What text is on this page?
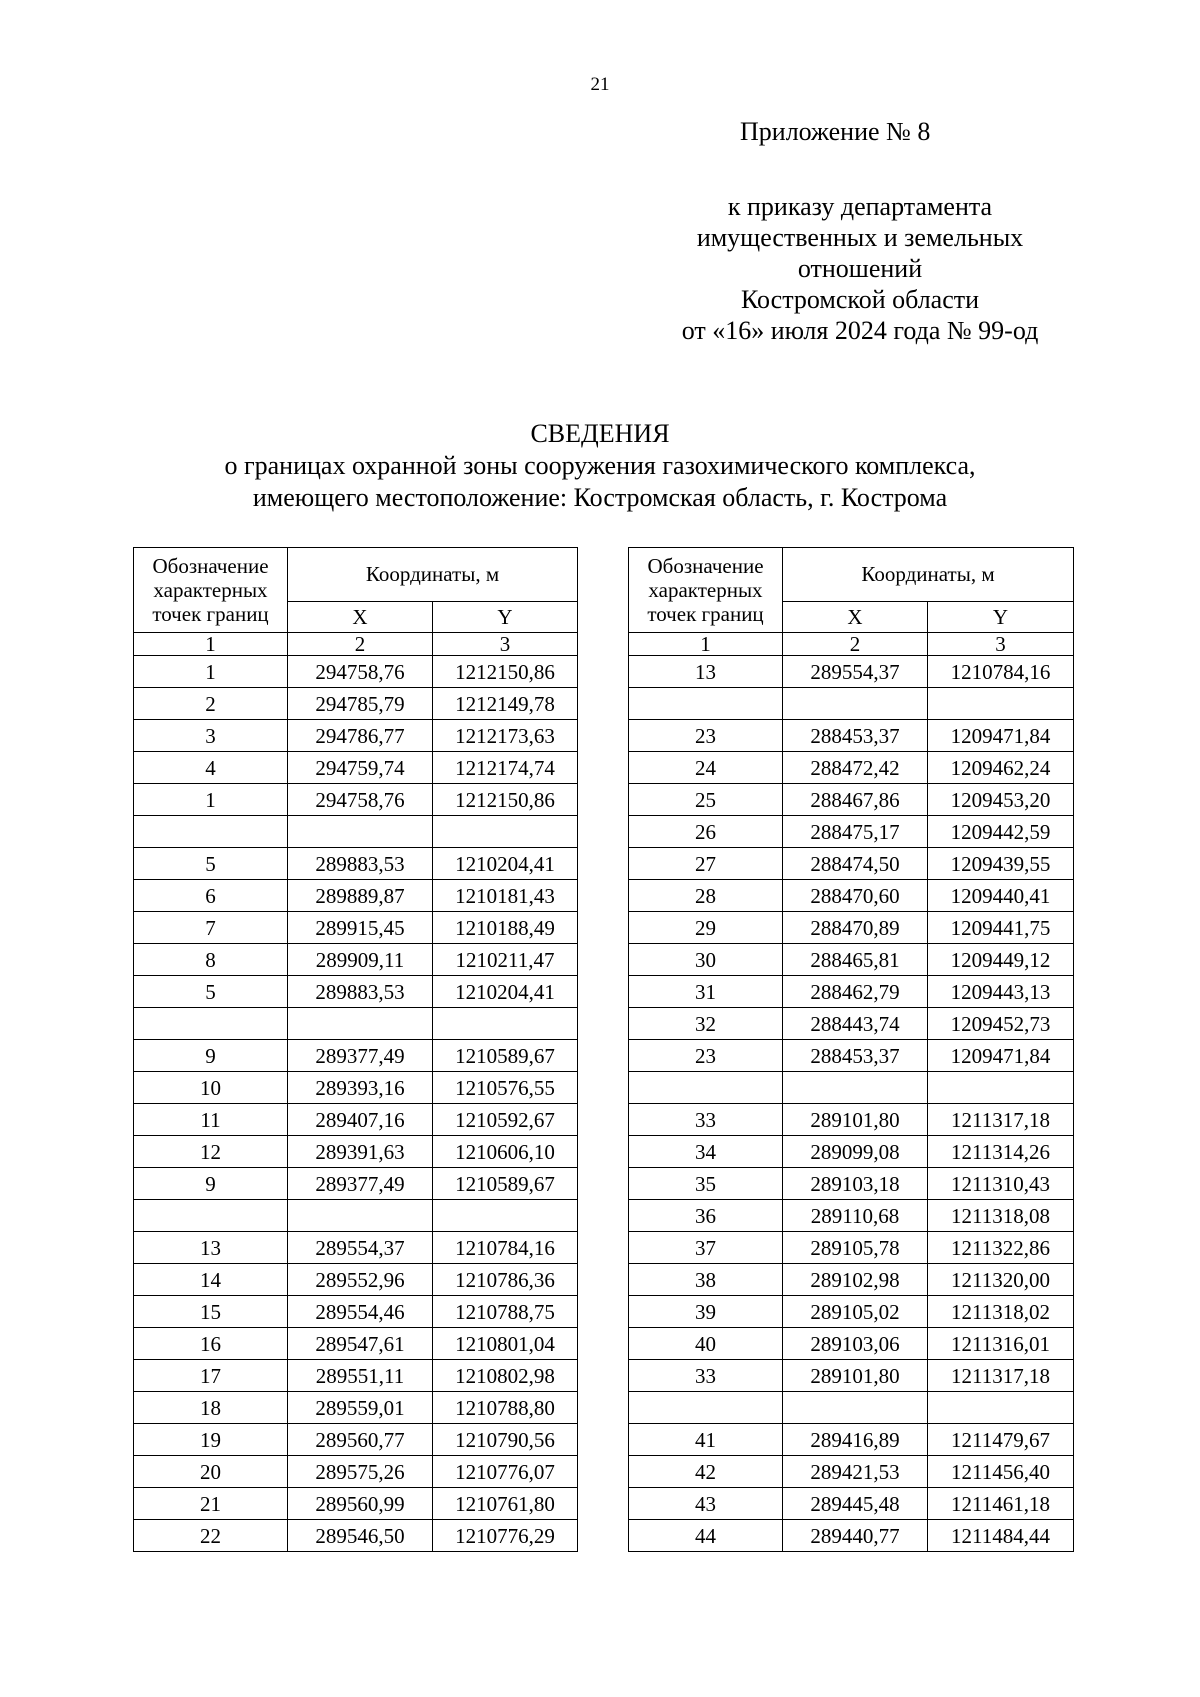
21
Приложение № 8
к приказу департамента
имущественных и земельных
отношений
Костромской области
от «16» июля 2024 года № 99-од
СВЕДЕНИЯ
о границах охранной зоны сооружения газохимического комплекса,
имеющего местоположение: Костромская область, г. Кострома
Обозначение характерных точек границ	Координаты, м	
	X	Y
1	2	3
1	294758,76	1212150,86
2	294785,79	1212149,78
3	294786,77	1212173,63
4	294759,74	1212174,74
1	294758,76	1212150,86

5	289883,53	1210204,41
6	289889,87	1210181,43
7	289915,45	1210188,49
8	289909,11	1210211,47
5	289883,53	1210204,41

9	289377,49	1210589,67
10	289393,16	1210576,55
11	289407,16	1210592,67
12	289391,63	1210606,10
9	289377,49	1210589,67

13	289554,37	1210784,16
14	289552,96	1210786,36
15	289554,46	1210788,75
16	289547,61	1210801,04
17	289551,11	1210802,98
18	289559,01	1210788,80
19	289560,77	1210790,56
20	289575,26	1210776,07
21	289560,99	1210761,80
22	289546,50	1210776,29
Обозначение характерных точек границ	Координаты, м	
	X	Y
1	2	3
13	289554,37	1210784,16

23	288453,37	1209471,84
24	288472,42	1209462,24
25	288467,86	1209453,20
26	288475,17	1209442,59
27	288474,50	1209439,55
28	288470,60	1209440,41
29	288470,89	1209441,75
30	288465,81	1209449,12
31	288462,79	1209443,13
32	288443,74	1209452,73
23	288453,37	1209471,84

33	289101,80	1211317,18
34	289099,08	1211314,26
35	289103,18	1211310,43
36	289110,68	1211318,08
37	289105,78	1211322,86
38	289102,98	1211320,00
39	289105,02	1211318,02
40	289103,06	1211316,01
33	289101,80	1211317,18

41	289416,89	1211479,67
42	289421,53	1211456,40
43	289445,48	1211461,18
44	289440,77	1211484,44
